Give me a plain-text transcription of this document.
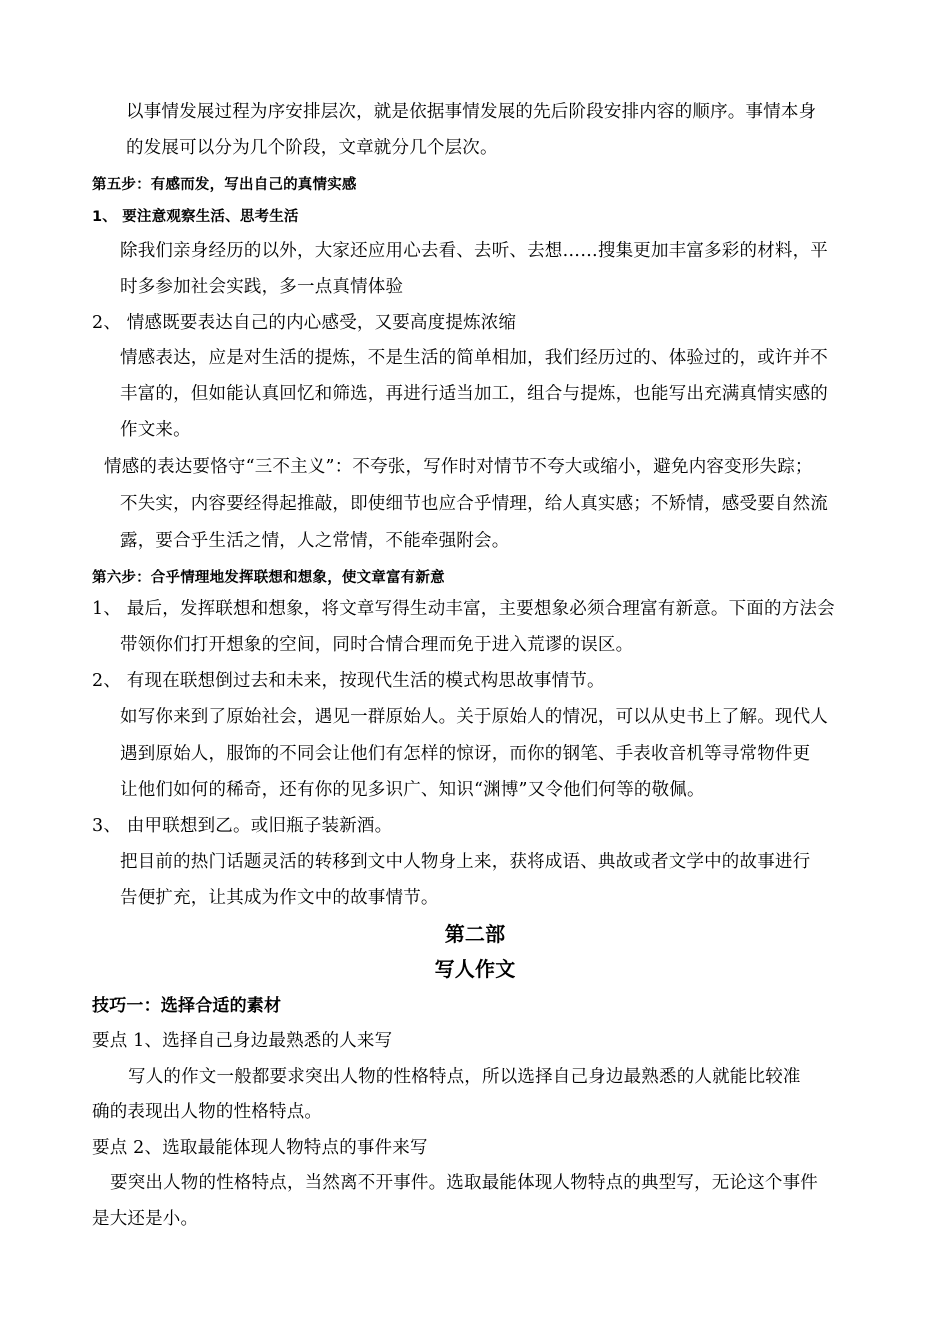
以事情发展过程为序安排层次，就是依据事情发展的先后阶段安排内容的顺序。事情本身
的发展可以分为几个阶段，文章就分几个层次。
第五步：有感而发，写出自己的真情实感
1、 要注意观察生活、思考生活
除我们亲身经历的以外，大家还应用心去看、去听、去想……搜集更加丰富多彩的材料，平
时多参加社会实践，多一点真情体验
2、 情感既要表达自己的内心感受，又要高度提炼浓缩
情感表达，应是对生活的提炼，不是生活的简单相加，我们经历过的、体验过的，或许并不
丰富的，但如能认真回忆和筛选，再进行适当加工，组合与提炼，也能写出充满真情实感的
作文来。
情感的表达要恪守“三不主义”：不夸张，写作时对情节不夸大或缩小，避免内容变形失踪；
不失实，内容要经得起推敲，即使细节也应合乎情理，给人真实感；不矫情，感受要自然流
露，要合乎生活之情，人之常情，不能牵强附会。
第六步：合乎情理地发挥联想和想象，使文章富有新意
1、 最后，发挥联想和想象，将文章写得生动丰富，主要想象必须合理富有新意。下面的方法会
带领你们打开想象的空间，同时合情合理而免于进入荒谬的误区。
2、 有现在联想倒过去和未来，按现代生活的模式构思故事情节。
如写你来到了原始社会，遇见一群原始人。关于原始人的情况，可以从史书上了解。现代人
遇到原始人，服饰的不同会让他们有怎样的惊讶，而你的钢笔、手表收音机等寻常物件更
让他们如何的稀奇，还有你的见多识广、知识“渊博”又令他们何等的敬佩。
3、 由甲联想到乙。或旧瓶子装新酒。
把目前的热门话题灵活的转移到文中人物身上来，获将成语、典故或者文学中的故事进行
告便扩充，让其成为作文中的故事情节。
第二部
写人作文
技巧一：选择合适的素材
要点 1、选择自己身边最熟悉的人来写
写人的作文一般都要求突出人物的性格特点，所以选择自己身边最熟悉的人就能比较准
确的表现出人物的性格特点。
要点 2、选取最能体现人物特点的事件来写
要突出人物的性格特点，当然离不开事件。选取最能体现人物特点的典型写，无论这个事件
是大还是小。
